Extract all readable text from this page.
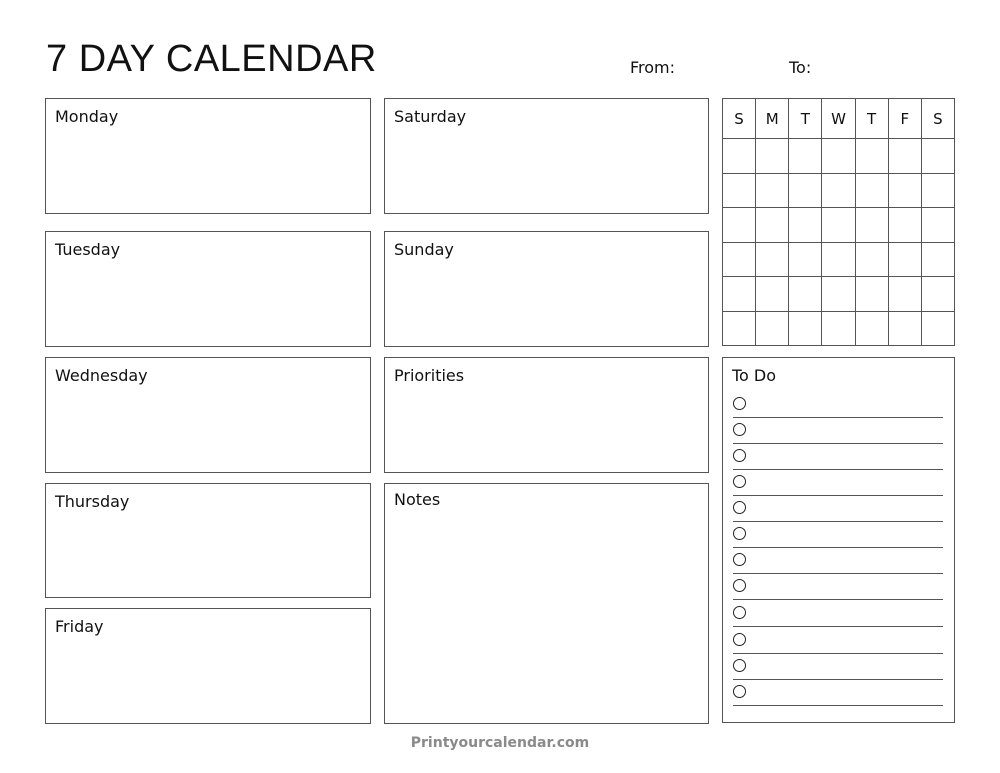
7 DAY CALENDAR	From:	To:
Monday
Tuesday
Wednesday
Thursday
Friday
Saturday
Sunday
Priorities
Notes
S	M	T	W	T	F	S

To Do
Printyourcalendar.com
